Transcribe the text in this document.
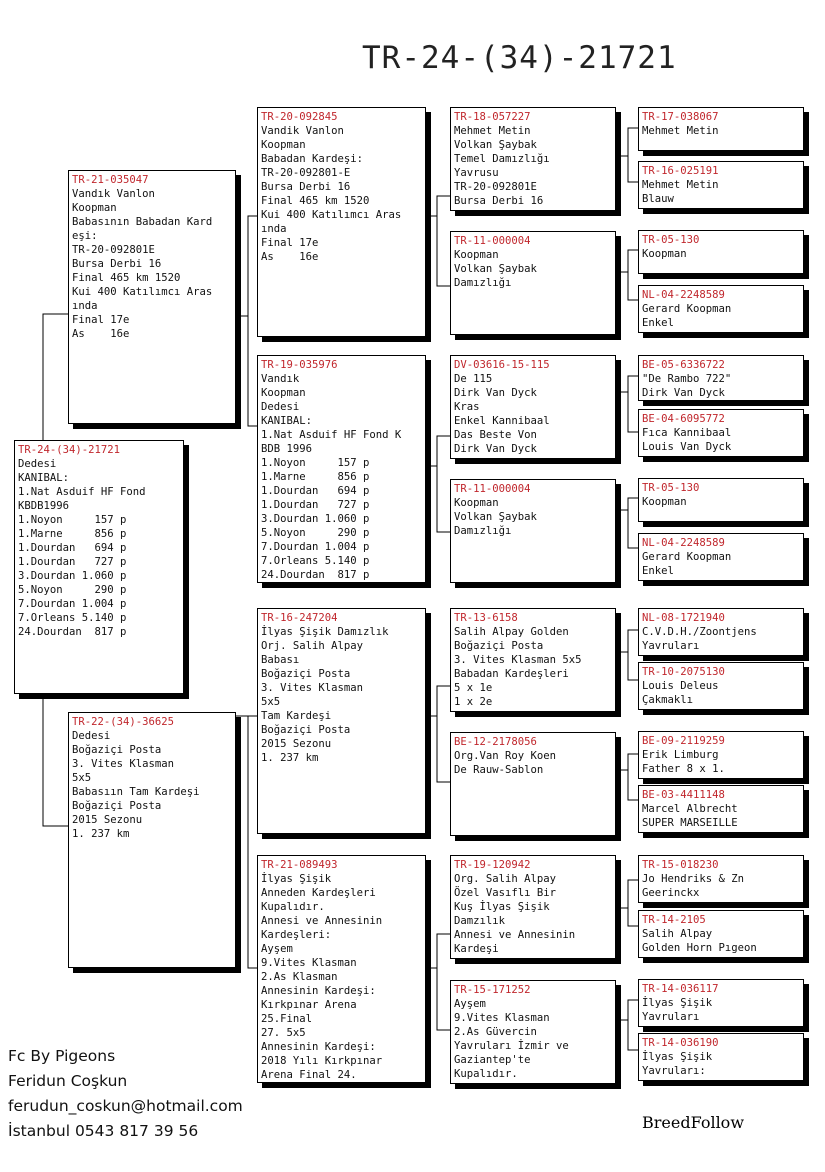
TR-24-(34)-21721
TR-24-(34)-21721
Dedesi
KANIBAL:
1.Nat Asduif HF Fond
KBDB1996
1.Noyon     157 p
1.Marne     856 p
1.Dourdan   694 p
1.Dourdan   727 p
3.Dourdan 1.060 p
5.Noyon     290 p
7.Dourdan 1.004 p
7.Orleans 5.140 p
24.Dourdan  817 p
TR-21-035047
Vandık Vanlon
Koopman
Babasının Babadan Kard
eşi:
TR-20-092801E
Bursa Derbi 16
Final 465 km 1520
Kui 400 Katılımcı Aras
ında
Final 17e
As    16e
TR-22-(34)-36625
Dedesi
Boğaziçi Posta
3. Vites Klasman
5x5
Babasıın Tam Kardeşi
Boğaziçi Posta
2015 Sezonu
1. 237 km
TR-20-092845
Vandik Vanlon
Koopman
Babadan Kardeşi:
TR-20-092801-E
Bursa Derbi 16
Final 465 km 1520
Kui 400 Katılımcı Aras
ında
Final 17e
As    16e
TR-19-035976
Vandık
Koopman
Dedesi
KANIBAL:
1.Nat Asduif HF Fond K
BDB 1996
1.Noyon     157 p
1.Marne     856 p
1.Dourdan   694 p
1.Dourdan   727 p
3.Dourdan 1.060 p
5.Noyon     290 p
7.Dourdan 1.004 p
7.Orleans 5.140 p
24.Dourdan  817 p
TR-16-247204
İlyas Şişik Damızlık
Orj. Salih Alpay
Babası
Boğaziçi Posta
3. Vites Klasman
5x5
Tam Kardeşi
Boğaziçi Posta
2015 Sezonu
1. 237 km
TR-21-089493
İlyas Şişik
Anneden Kardeşleri
Kupalıdır.
Annesi ve Annesinin
Kardeşleri:
Ayşem
9.Vites Klasman
2.As Klasman
Annesinin Kardeşi:
Kırkpınar Arena
25.Final
27. 5x5
Annesinin Kardeşi:
2018 Yılı Kırkpınar
Arena Final 24.
TR-18-057227
Mehmet Metin
Volkan Şaybak
Temel Damızlığı
Yavrusu
TR-20-092801E
Bursa Derbi 16
TR-11-000004
Koopman
Volkan Şaybak
Damızlığı
DV-03616-15-115
De 115
Dirk Van Dyck
Kras
Enkel Kannibaal
Das Beste Von
Dirk Van Dyck
TR-11-000004
Koopman
Volkan Şaybak
Damızlığı
TR-13-6158
Salih Alpay Golden
Boğaziçi Posta
3. Vites Klasman 5x5
Babadan Kardeşleri
5 x 1e
1 x 2e
BE-12-2178056
Org.Van Roy Koen
De Rauw-Sablon
TR-19-120942
Org. Salih Alpay
Özel Vasıflı Bir
Kuş İlyas Şişik
Damzılık
Annesi ve Annesinin
Kardeşi
TR-15-171252
Ayşem
9.Vites Klasman
2.As Güvercin
Yavruları İzmir ve
Gaziantep'te
Kupalıdır.
TR-17-038067
Mehmet Metin
TR-16-025191
Mehmet Metin
Blauw
TR-05-130
Koopman
NL-04-2248589
Gerard Koopman
Enkel
BE-05-6336722
"De Rambo 722"
Dirk Van Dyck
BE-04-6095772
Fıca Kannibaal
Louis Van Dyck
TR-05-130
Koopman
NL-04-2248589
Gerard Koopman
Enkel
NL-08-1721940
C.V.D.H./Zoontjens
Yavruları
TR-10-2075130
Louis Deleus
Çakmaklı
BE-09-2119259
Erik Limburg
Father 8 x 1.
BE-03-4411148
Marcel Albrecht
SUPER MARSEILLE
TR-15-018230
Jo Hendriks & Zn
Geerinckx
TR-14-2105
Salih Alpay
Golden Horn Pıgeon
TR-14-036117
İlyas Şişik
Yavruları
TR-14-036190
İlyas Şişik
Yavruları:
Fc By Pigeons
Feridun Coşkun
ferudun_coskun@hotmail.com
İstanbul 0543 817 39 56	BreedFollow
